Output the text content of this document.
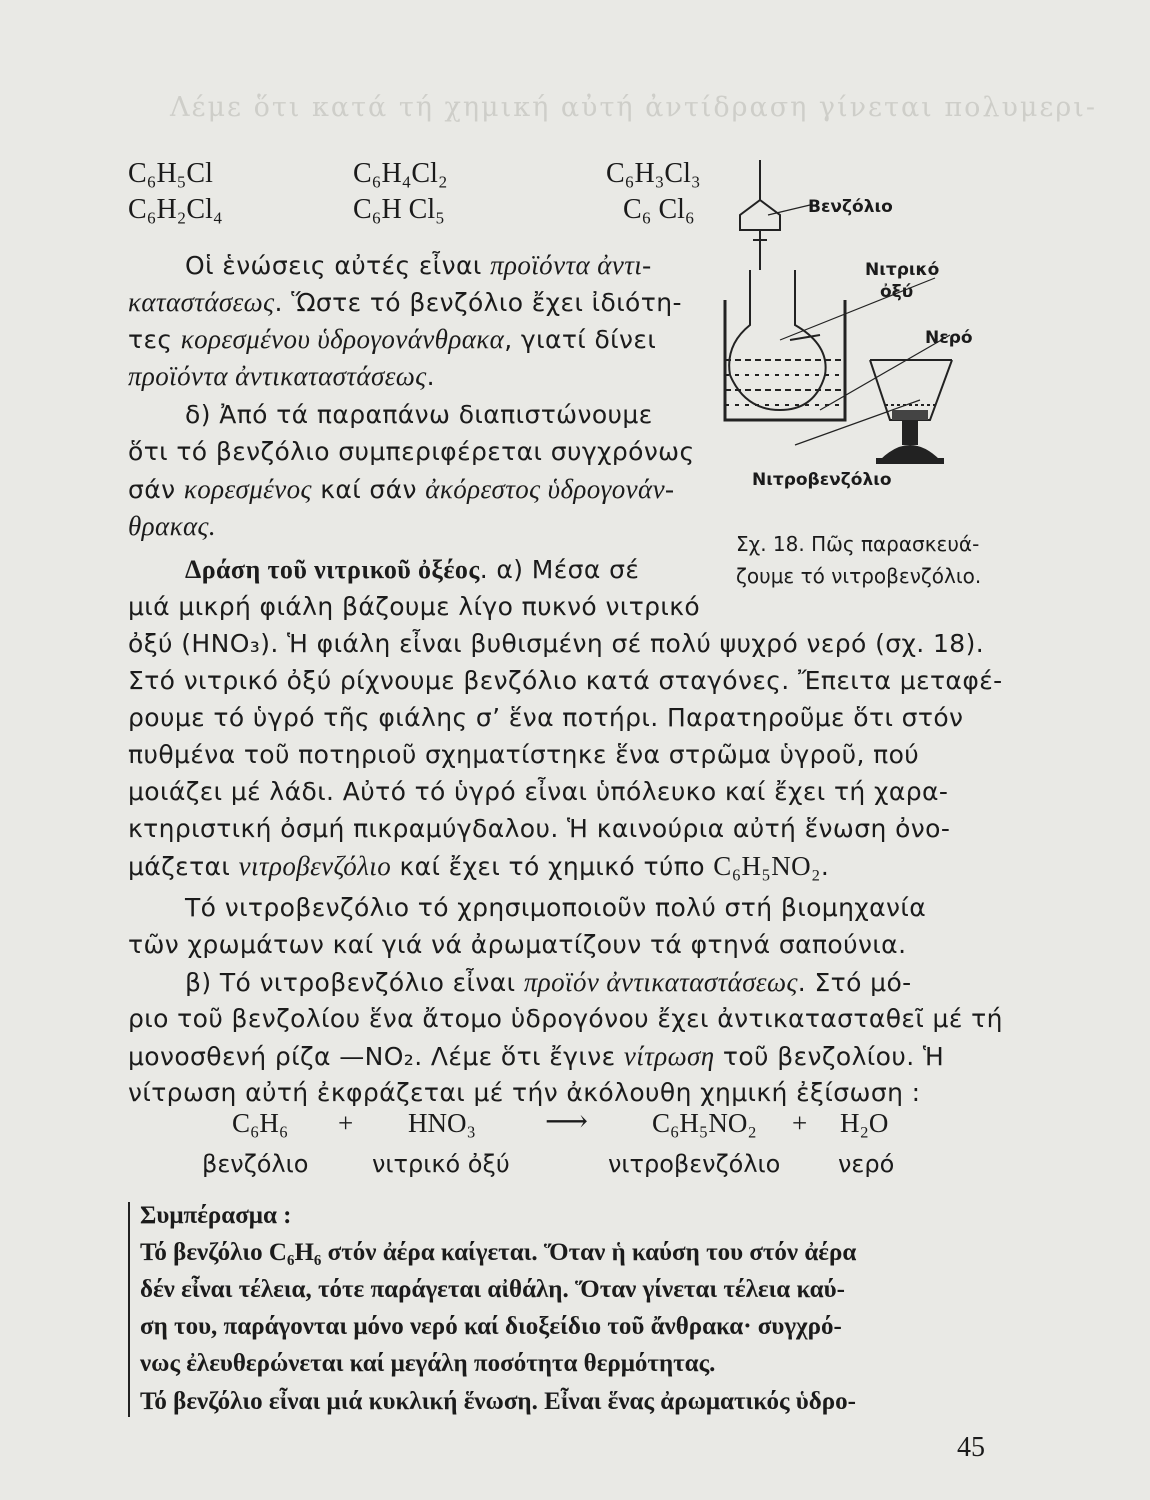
Λέμε ὅτι κατά τή χημική αὐτή ἀντίδραση γίνεται πολυμερι-
C₆H₅Cl	C₆H₄Cl₂	C₆H₃Cl₃
C₆H₂Cl₄	C₆H Cl₅	C₆ Cl₆
Οἱ ἑνώσεις αὐτές εἶναι προϊόντα ἀντι-
καταστάσεως. Ὥστε τό βενζόλιο ἔχει ἰδιότη-
τες κορεσμένου ὑδρογονάνθρακα, γιατί δίνει
προϊόντα ἀντικαταστάσεως.
δ) Ἀπό τά παραπάνω διαπιστώνουμε
ὅτι τό βενζόλιο συμπεριφέρεται συγχρόνως
σάν κορεσμένος καί σάν ἀκόρεστος ὑδρογονάν-
θρακας.
Βενζόλιο
Νιτρικό
ὀξύ
Νερό
Νιτροβενζόλιο
Σχ. 18. Πῶς παρασκευά-
ζουμε τό νιτροβενζόλιο.
Δράση τοῦ νιτρικοῦ ὀξέος. α) Μέσα σέ
μιά μικρή φιάλη βάζουμε λίγο πυκνό νιτρικό
ὀξύ (HNO₃). Ἡ φιάλη εἶναι βυθισμένη σέ πολύ ψυχρό νερό (σχ. 18).
Στό νιτρικό ὀξύ ρίχνουμε βενζόλιο κατά σταγόνες. Ἔπειτα μεταφέ-
ρουμε τό ὑγρό τῆς φιάλης σ’ ἕνα ποτήρι. Παρατηροῦμε ὅτι στόν
πυθμένα τοῦ ποτηριοῦ σχηματίστηκε ἕνα στρῶμα ὑγροῦ, πού
μοιάζει μέ λάδι. Αὐτό τό ὑγρό εἶναι ὑπόλευκο καί ἔχει τή χαρα-
κτηριστική ὀσμή πικραμύγδαλου. Ἡ καινούρια αὐτή ἕνωση ὀνο-
μάζεται νιτροβενζόλιο καί ἔχει τό χημικό τύπο C₆H₅NO₂.
Τό νιτροβενζόλιο τό χρησιμοποιοῦν πολύ στή βιομηχανία
τῶν χρωμάτων καί γιά νά ἀρωματίζουν τά φτηνά σαπούνια.
β) Τό νιτροβενζόλιο εἶναι προϊόν ἀντικαταστάσεως. Στό μό-
ριο τοῦ βενζολίου ἕνα ἄτομο ὑδρογόνου ἔχει ἀντικατασταθεῖ μέ τή
μονοσθενή ρίζα —NO₂. Λέμε ὅτι ἔγινε νίτρωση τοῦ βενζολίου. Ἡ
νίτρωση αὐτή ἐκφράζεται μέ τήν ἀκόλουθη χημική ἐξίσωση :
C₆H₆ + HNO₃ ⟶ C₆H₅NO₂ + H₂O
βενζόλιο	νιτρικό ὀξύ	νιτροβενζόλιο νερό
Συμπέρασμα :
Τό βενζόλιο C₆H₆ στόν ἀέρα καίγεται. Ὅταν ἡ καύση του στόν ἀέρα
δέν εἶναι τέλεια, τότε παράγεται αἰθάλη. Ὅταν γίνεται τέλεια καύ-
ση του, παράγονται μόνο νερό καί διοξείδιο τοῦ ἄνθρακα· συγχρό-
νως ἐλευθερώνεται καί μεγάλη ποσότητα θερμότητας.
Τό βενζόλιο εἶναι μιά κυκλική ἕνωση. Εἶναι ἕνας ἀρωματικός ὑδρο-
45
